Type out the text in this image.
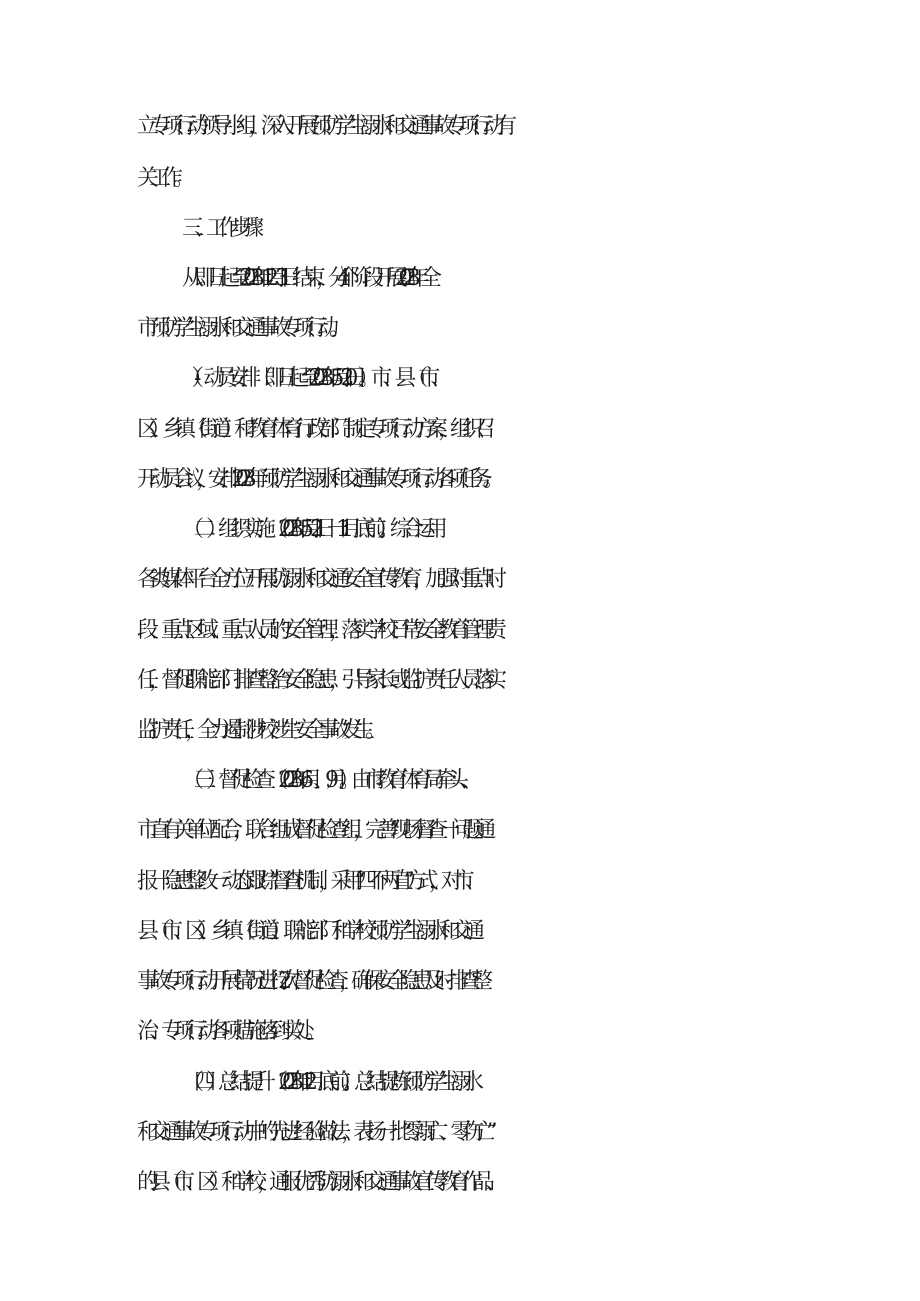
立专项行动领导小组，深入开展预防学生溺水和交通事故专项行动有

关工作。

三、工作步骤

从即日起至 2023 年 12 月 31 日结束，分 4 个阶段开展 2023 年全

市预防学生溺水和交通事故专项行动。

（-）动员安排（即日起至 2023 年 5 月 20 日）。市、县（市、

区）、乡镇（街道）和教育体育行政部门制定专项行动方案，组织召

开动员会议，安排2023年预防学生溺水和交通事故专项行动各项任务。

（二）组织实施（2023 年 5 月 21 日一 11 月底前）。综合运用

各类媒体平台全方位开展防溺水和交通安全宣传教育，加强对重点时

段、重点区域、重点人员的安全管理，落实学校日常安全教育管理责

任，督促职能部门排查整治安全隐患，引导家长或监护责任人员落实

监护责任，全力遏制涉校涉生安全事故发生。

（三）督促检查（2023 年 6 月、9 月）。由市教育体育局牵头、

市直有关单位配合，联合组成督促检查组，完善“现场督查一问题通

报一隐患整改一动态跟踪”督查机制，采用“四不两直”方式，对市、

县（市、区）、乡镇（街道）、职能部门和学校预防学生溺水和交通

事故专项行动开展情况进行 2 次督促检查，确保安全隐患及时排查整

治、专项行动各项措施落到实处。

（四）总结提升（2023 年 12 月底前）。总结提炼预防学生溺水

和交通事故专项行动中的先进经验做法，表扬一批“零溺亡、零伤亡”

的县（市、区）和学校，通报优秀防溺水和交通事故宣传教育作品、
